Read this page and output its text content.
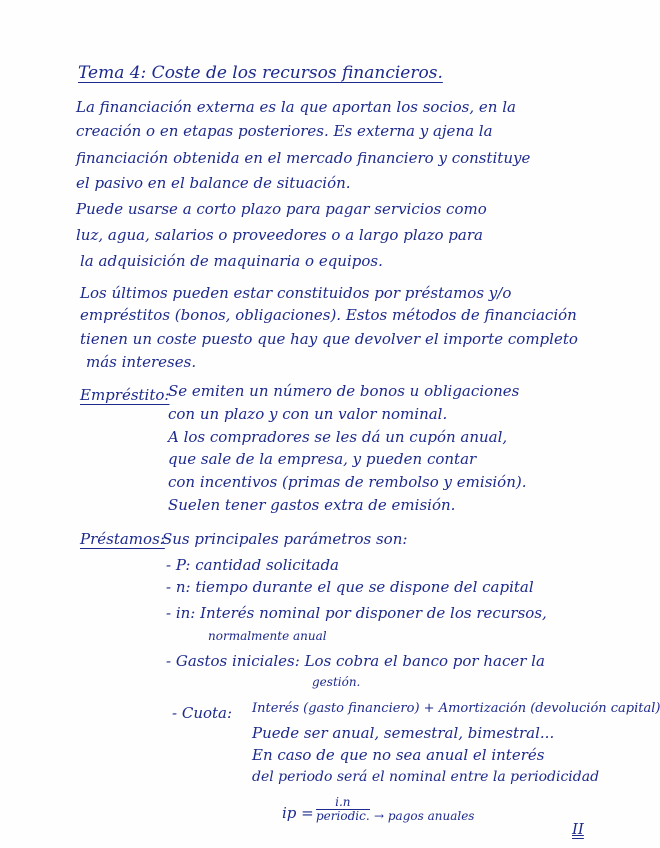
Tema 4: Coste de los recursos financieros.
La financiación externa es la que aportan los socios, en la
creación o en etapas posteriores. Es externa y ajena la
financiación obtenida en el mercado financiero y constituye
el pasivo en el balance de situación.
Puede usarse a corto plazo para pagar servicios como
luz, agua, salarios o proveedores o a largo plazo para
la adquisición de maquinaria o equipos.
Los últimos pueden estar constituidos por préstamos y/o
empréstitos (bonos, obligaciones). Estos métodos de financiación
tienen un coste puesto que hay que devolver el importe completo
más intereses.
Empréstito:
Se emiten un número de bonos u obligaciones
con un plazo y con un valor nominal.
A los compradores se les dá un cupón anual,
que sale de la empresa, y pueden contar
con incentivos (primas de rembolso y emisión).
Suelen tener gastos extra de emisión.
Préstamos:
Sus principales parámetros son:
- P: cantidad solicitada
- n: tiempo durante el que se dispone del capital
- in: Interés nominal por disponer de los recursos,
normalmente anual
- Gastos iniciales: Los cobra el banco por hacer la
gestión.
- Cuota: Interés (gasto financiero) + Amortización (devolución capital)
Puede ser anual, semestral, bimestral...
En caso de que no sea anual el interés
del periodo será el nominal entre la periodicidad
ip =
i.n
periodic. → pagos anuales
II
